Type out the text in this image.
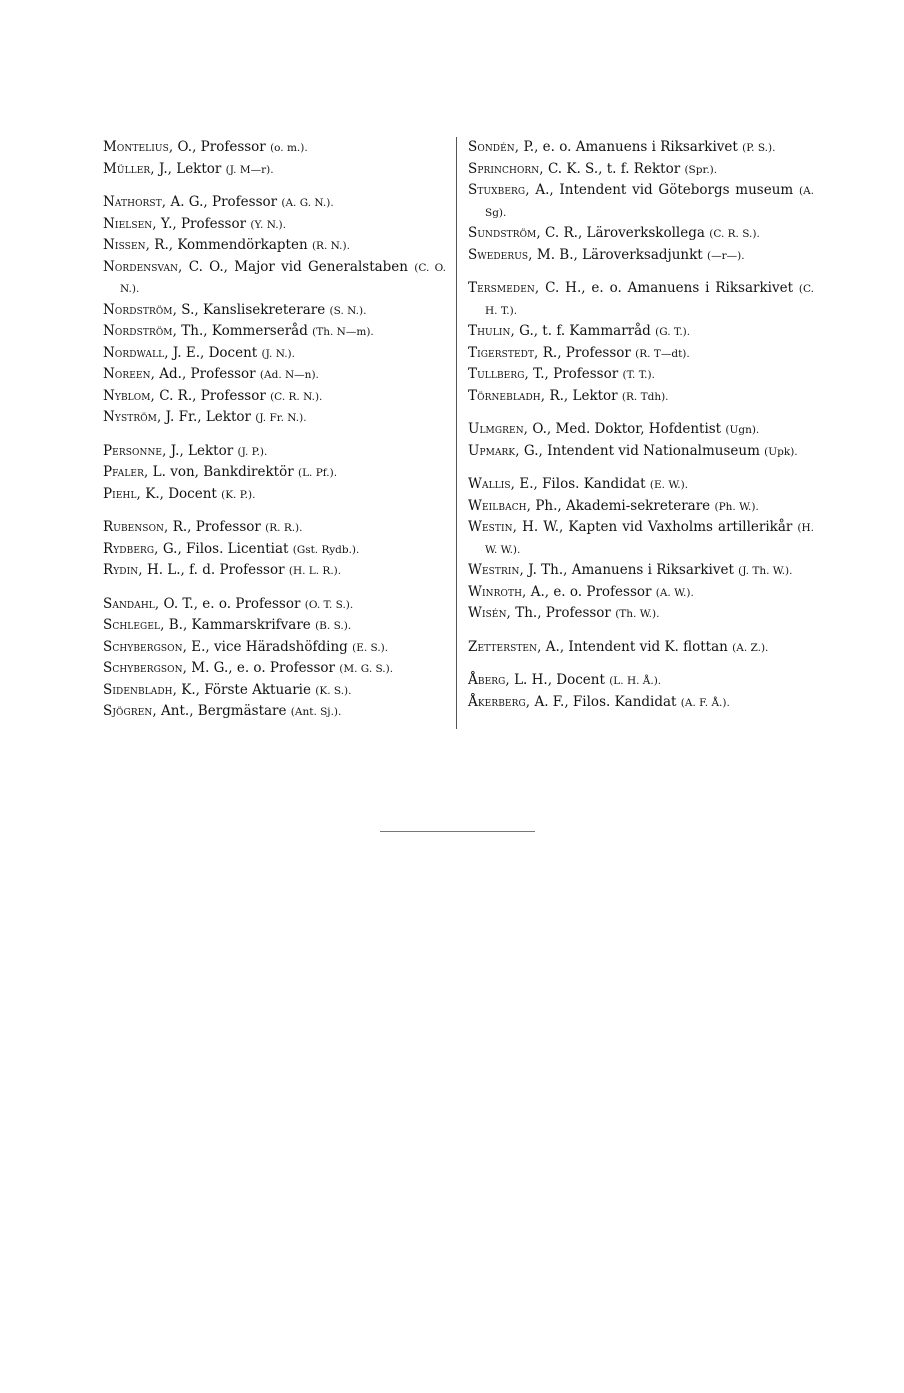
Montelius, O., Professor (o. m.).

Müller, J., Lektor (J. M—r).

Nathorst, A. G., Professor (A. G. N.).

Nielsen, Y., Professor (Y. N.).

Nissen, R., Kommendörkapten (R. N.).

Nordensvan, C. O., Major vid Generalstaben (C. O. N.).

Nordström, S., Kanslisekreterare (S. N.).

Nordström, Th., Kommerseråd (Th. N—m).

Nordwall, J. E., Docent (J. N.).

Noreen, Ad., Professor (Ad. N—n).

Nyblom, C. R., Professor (C. R. N.).

Nyström, J. Fr., Lektor (J. Fr. N.).

Personne, J., Lektor (J. P.).

Pfaler, L. von, Bankdirektör (L. Pf.).

Piehl, K., Docent (K. P.).

Rubenson, R., Professor (R. R.).

Rydberg, G., Filos. Licentiat (Gst. Rydb.).

Rydin, H. L., f. d. Professor (H. L. R.).

Sandahl, O. T., e. o. Professor (O. T. S.).

Schlegel, B., Kammarskrifvare (B. S.).

Schybergson, E., vice Häradshöfding (E. S.).

Schybergson, M. G., e. o. Professor (M. G. S.).

Sidenbladh, K., Förste Aktuarie (K. S.).

Sjögren, Ant., Bergmästare (Ant. Sj.).

Sondén, P., e. o. Amanuens i Riksarkivet (P. S.).

Sprinchorn, C. K. S., t. f. Rektor (Spr.).

Stuxberg, A., Intendent vid Göteborgs museum (A. Sg).

Sundström, C. R., Läroverkskollega (C. R. S.).

Swederus, M. B., Läroverksadjunkt (—r—).

Tersmeden, C. H., e. o. Amanuens i Riksarkivet (C. H. T.).

Thulin, G., t. f. Kammarråd (G. T.).

Tigerstedt, R., Professor (R. T—dt).

Tullberg, T., Professor (T. T.).

Törnebladh, R., Lektor (R. Tdh).

Ulmgren, O., Med. Doktor, Hofdentist (Ugn).

Upmark, G., Intendent vid Nationalmuseum (Upk).

Wallis, E., Filos. Kandidat (E. W.).

Weilbach, Ph., Akademi-sekreterare (Ph. W.).

Westin, H. W., Kapten vid Vaxholms artillerikår (H. W. W.).

Westrin, J. Th., Amanuens i Riksarkivet (J. Th. W.).

Winroth, A., e. o. Professor (A. W.).

Wisén, Th., Professor (Th. W.).

Zettersten, A., Intendent vid K. flottan (A. Z.).

Åberg, L. H., Docent (L. H. Å.).

Åkerberg, A. F., Filos. Kandidat (A. F. Å.).
